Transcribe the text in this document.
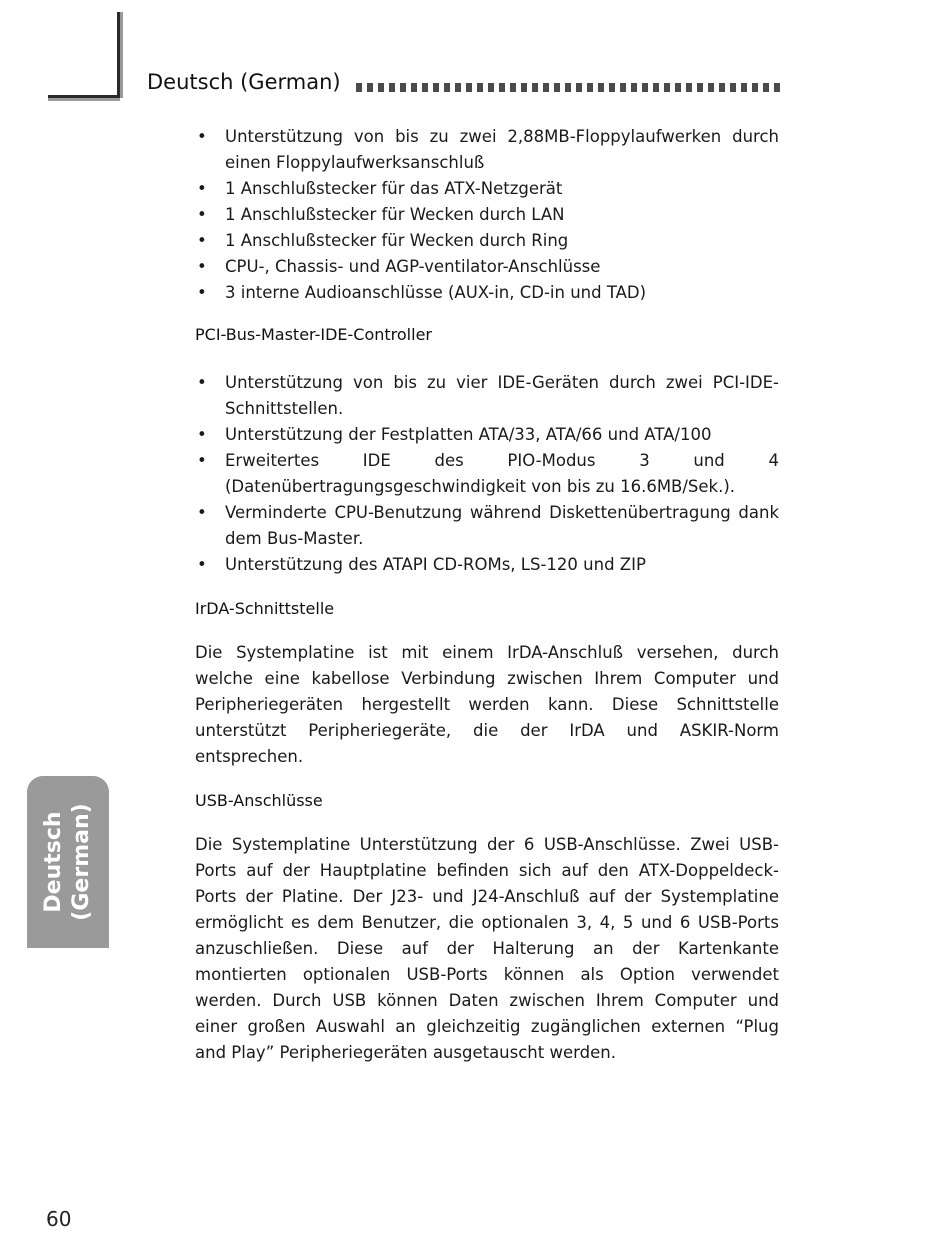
Deutsch (German)
• Unterstützung von bis zu zwei 2,88MB-Floppylaufwerken durch einen Floppylaufwerksanschluß
• 1 Anschlußstecker für das ATX-Netzgerät
• 1 Anschlußstecker für Wecken durch LAN
• 1 Anschlußstecker für Wecken durch Ring
• CPU-, Chassis- und AGP-ventilator-Anschlüsse
• 3 interne Audioanschlüsse (AUX-in, CD-in und TAD)
PCI-Bus-Master-IDE-Controller
• Unterstützung von bis zu vier IDE-Geräten durch zwei PCI-IDE-Schnittstellen.
• Unterstützung der Festplatten ATA/33, ATA/66 und ATA/100
• Erweitertes IDE des PIO-Modus 3 und 4 (Datenübertragungsgeschwindigkeit von bis zu 16.6MB/Sek.).
• Verminderte CPU-Benutzung während Diskettenübertragung dank dem Bus-Master.
• Unterstützung des ATAPI CD-ROMs, LS-120 und ZIP
IrDA-Schnittstelle

Die Systemplatine ist mit einem IrDA-Anschluß versehen, durch welche eine kabellose Verbindung zwischen Ihrem Computer und Peripheriegeräten hergestellt werden kann. Diese Schnittstelle unterstützt Peripheriegeräte, die der IrDA und ASKIR-Norm entsprechen.

USB-Anschlüsse

Die Systemplatine Unterstützung der 6 USB-Anschlüsse. Zwei USB-Ports auf der Hauptplatine befinden sich auf den ATX-Doppeldeck-Ports der Platine. Der J23- und J24-Anschluß auf der Systemplatine ermöglicht es dem Benutzer, die optionalen 3, 4, 5 und 6 USB-Ports anzuschließen. Diese auf der Halterung an der Kartenkante montierten optionalen USB-Ports können als Option verwendet werden. Durch USB können Daten zwischen Ihrem Computer und einer großen Auswahl an gleichzeitig zugänglichen externen “Plug and Play” Peripheriegeräten ausgetauscht werden.

Deutsch (German)
60
